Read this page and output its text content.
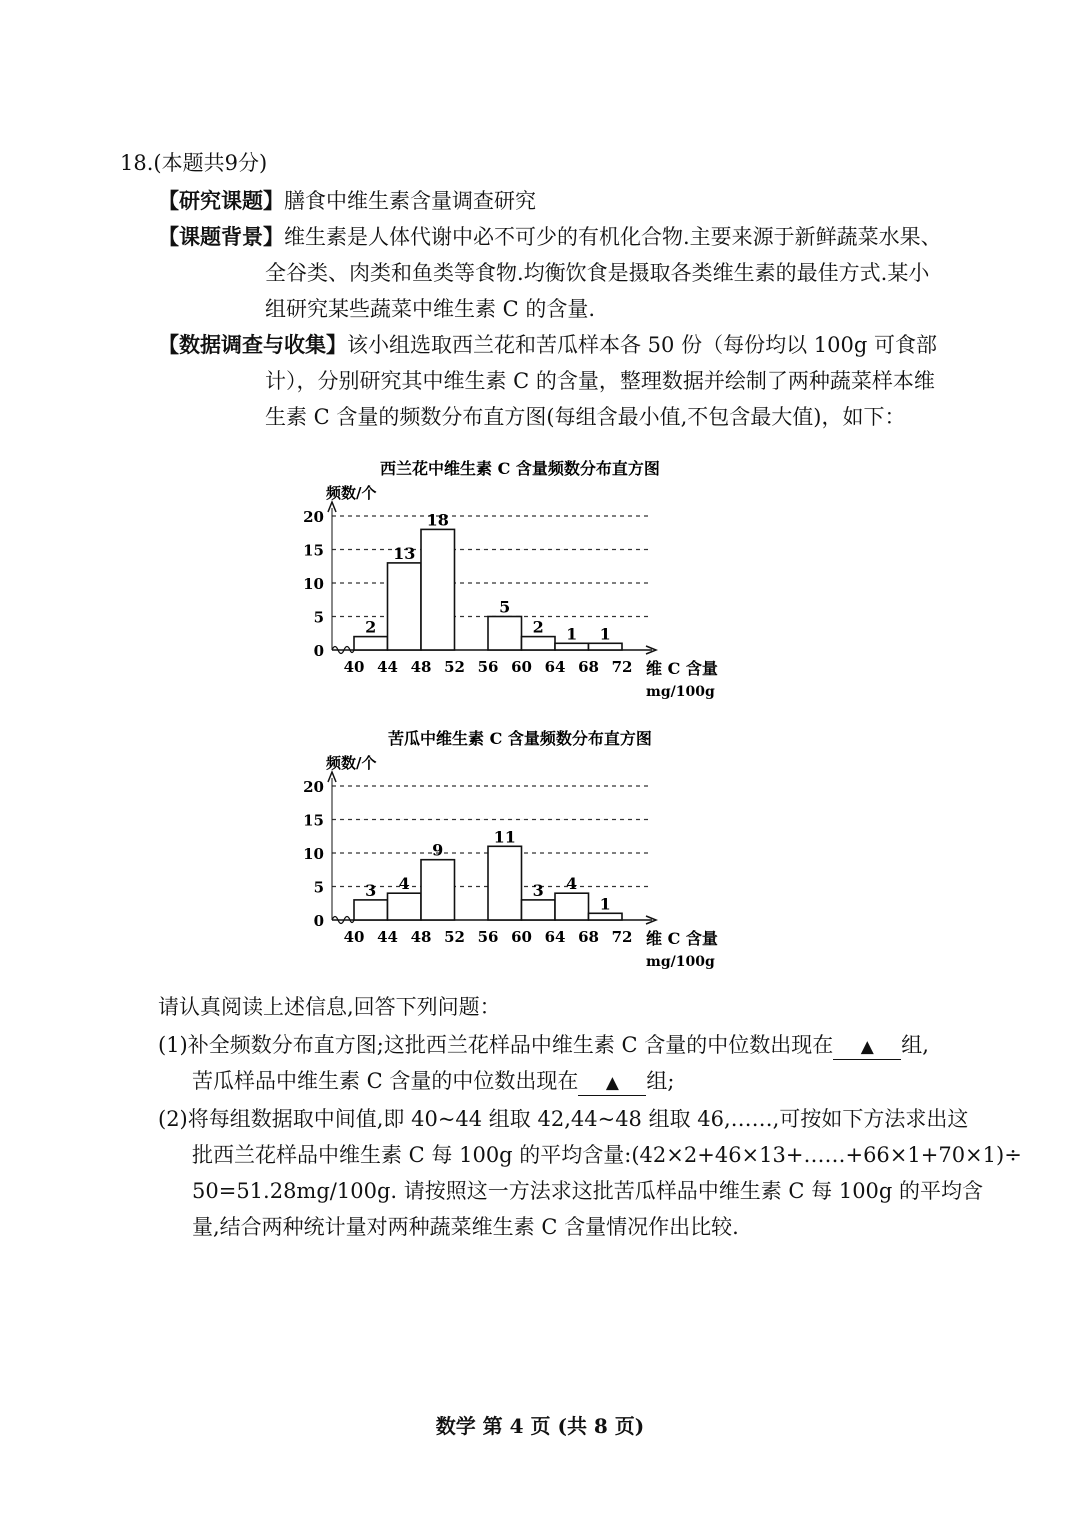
18.(本题共9分)
【研究课题】膳食中维生素含量调查研究
【课题背景】维生素是人体代谢中必不可少的有机化合物.主要来源于新鲜蔬菜水果、
全谷类、肉类和鱼类等食物.均衡饮食是摄取各类维生素的最佳方式.某小
组研究某些蔬菜中维生素 C 的含量.
【数据调查与收集】该小组选取西兰花和苦瓜样本各 50 份（每份均以 100g 可食部
计），分别研究其中维生素 C 的含量，整理数据并绘制了两种蔬菜样本维
生素 C 含量的频数分布直方图(每组含最小值,不包含最大值)，如下：
西兰花中维生素 C 含量频数分布直方图
频数/个
0
5
10
15
20
2
13
18
5
2 1 1
40 44 48 52 56 60 64 68 72 维 C 含量
mg/100g
苦瓜中维生素 C 含量频数分布直方图
频数/个
0
5
10
15
20
3 4
9
11
3 4
1
40 44 48 52 56 60 64 68 72 维 C 含量
mg/100g
请认真阅读上述信息,回答下列问题：
(1)补全频数分布直方图;这批西兰花样品中维生素 C 含量的中位数出现在 ▲ 组,
苦瓜样品中维生素 C 含量的中位数出现在 ▲ 组;
(2)将每组数据取中间值,即 40~44 组取 42,44~48 组取 46,……,可按如下方法求出这
批西兰花样品中维生素 C 每 100g 的平均含量:(42×2+46×13+……+66×1+70×1)÷
50=51.28mg/100g. 请按照这一方法求这批苦瓜样品中维生素 C 每 100g 的平均含
量,结合两种统计量对两种蔬菜维生素 C 含量情况作出比较.
数学 第 4 页 (共 8 页)
